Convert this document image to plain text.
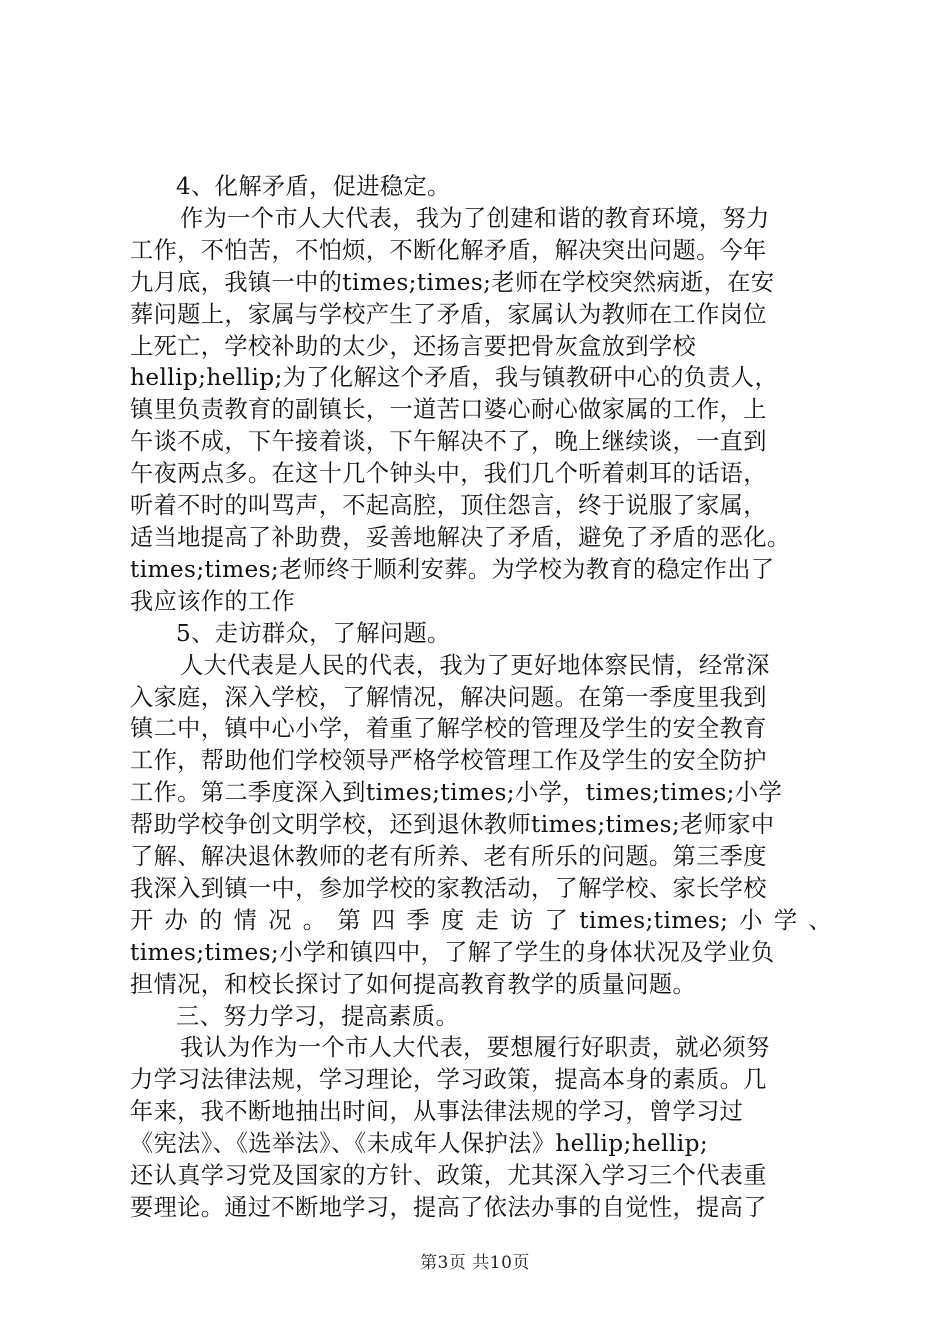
4、化解矛盾，促进稳定。

作为一个市人大代表，我为了创建和谐的教育环境，努力

工作，不怕苦，不怕烦，不断化解矛盾，解决突出问题。今年

九月底，我镇一中的times;times;老师在学校突然病逝，在安

葬问题上，家属与学校产生了矛盾，家属认为教师在工作岗位

上死亡，学校补助的太少，还扬言要把骨灰盒放到学校

hellip;hellip;为了化解这个矛盾，我与镇教研中心的负责人，

镇里负责教育的副镇长，一道苦口婆心耐心做家属的工作，上

午谈不成，下午接着谈，下午解决不了，晚上继续谈，一直到

午夜两点多。在这十几个钟头中，我们几个听着刺耳的话语，

听着不时的叫骂声，不起高腔，顶住怨言，终于说服了家属，

适当地提高了补助费，妥善地解决了矛盾，避免了矛盾的恶化。

times;times;老师终于顺利安葬。为学校为教育的稳定作出了

我应该作的工作

5、走访群众，了解问题。

人大代表是人民的代表，我为了更好地体察民情，经常深

入家庭，深入学校，了解情况，解决问题。在第一季度里我到

镇二中，镇中心小学，着重了解学校的管理及学生的安全教育

工作，帮助他们学校领导严格学校管理工作及学生的安全防护

工作。第二季度深入到times;times;小学，times;times;小学

帮助学校争创文明学校，还到退休教师times;times;老师家中

了解、解决退休教师的老有所养、老有所乐的问题。第三季度

我深入到镇一中，参加学校的家教活动，了解学校、家长学校

开办的情况。第四季度走访了times;times;小学、

times;times;小学和镇四中，了解了学生的身体状况及学业负

担情况，和校长探讨了如何提高教育教学的质量问题。

三、努力学习，提高素质。

我认为作为一个市人大代表，要想履行好职责，就必须努

力学习法律法规，学习理论，学习政策，提高本身的素质。几

年来，我不断地抽出时间，从事法律法规的学习，曾学习过

《宪法》、《选举法》、《未成年人保护法》hellip;hellip;

还认真学习党及国家的方针、政策，尤其深入学习三个代表重

要理论。通过不断地学习，提高了依法办事的自觉性，提高了

第3页 共10页
